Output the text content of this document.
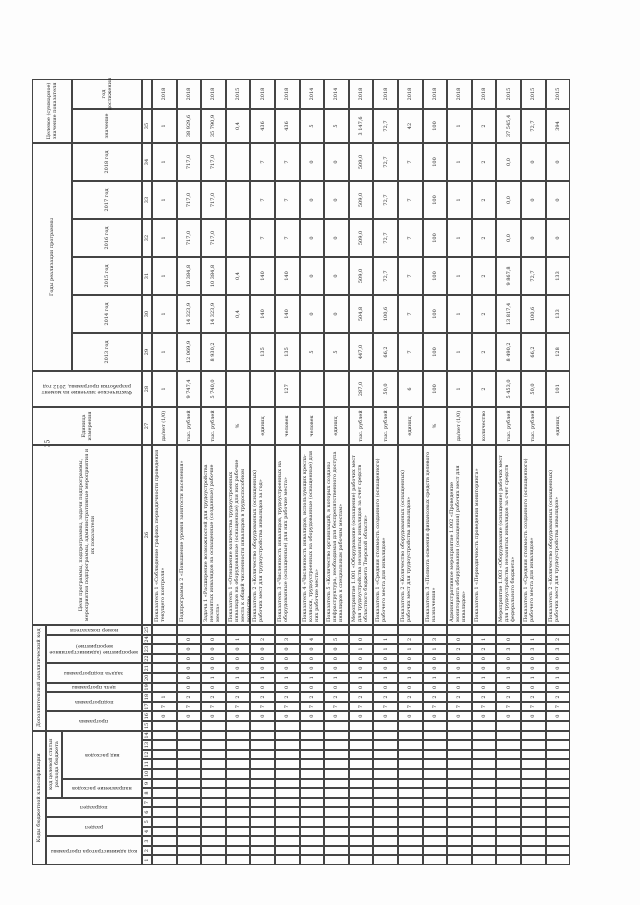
35
Коды бюджетной классификации
Дополнительный аналитический код
код администратора программы
раздел
подраздел
код целевой статьи расхода бюджета
направление расходов
вид расходов
программа
подпрограмма
цель программы
задача подпрограммы
мероприятие (административное мероприятие)
номер показателя
Цели программы, подпрограммы, задачи подпрограммы, мероприятия подпрограммы, административные мероприятия и их показатели
Единица измерения
Фактическое значение на момент разработки программы, 2012 год
Годы реализации программы
2013 год
2014 год
2015 год
2016 год
2017 год
2018 год
Целевое (суммарное) значение показателя	значение
год достижения
1
2
3
4
5
6
7
8
9
10
11
12
13
14
15
16
17
18
19
20
21
22
23
24
25
26
27
28
29
30
31
32
33
34
35
0
7
1
Показатель 1 «Соблюдение графика периодичности проведения текущего контроля»
да/нет (1/0)
1
1
1
1
1
1
1
1
2018
0
7
2
0
0
0
0
0
0
Подпрограмма 2 «Повышение уровня занятости населения»
тыс. рублей
9 747,4
12 069,9
14 323,9
10 384,8
717,0
717,0
717,0
38 929,6
2018
0
7
2
0
1
0
0
0
0
Задача 1 «Расширение возможностей для трудоустройства незанятых инвалидов на оснащенные (созданные) рабочие места»
тыс. рублей
5 740,0
8 930,2
14 323,9
10 384,8
717,0
717,0
717,0
35 790,9
2018
0
7
2
0
1
0
0
0
1
Показатель 1 «Отношение количества трудоустроенных инвалидов на оборудованные (оснащенные) для них рабочие места к общей численности инвалидов в трудоспособном возрасте»
%
0,4
0,4
0,4
2015
0
7
2
0
1
0
0
0
2
Показатель 2 «Количество оборудованных (оснащенных) рабочих мест для трудоустройства инвалидов за год»
единиц
135
140
140
7
7
7
436
2018
0
7
2
0
1
0
0
0
3
Показатель 3 «Численность инвалидов, трудоустроенных на оборудованные (оснащенные) для них рабочие места»
человек
127
135
140
140
7
7
7
436
2018
0
7
2
0
1
0
0
0
4
Показатель 4 «Численность инвалидов, использующих кресла-коляски, трудоустроенных на оборудованные (оснащенные) для них рабочие места»
человек
5
0
0
0
0
0
5
2014
0
7
2
0
1
0
0
0
5
Показатель 5 «Количество организаций, в которых созданы инфраструктура, необходимая для беспрепятственного доступа инвалидов к специальным рабочим местам»
единиц
5
0
0
0
0
0
5
2014
0
7
2
0
1
0
0
1
0
Мероприятие 1.001 «Оборудование (оснащение) рабочих мест для трудоустройства незанятых инвалидов за счет средств областного бюджета Тверской области»
тыс. рублей
287,0
447,0
504,8
509,0
509,0
509,0
509,0
3 147,6
2018
0
7
2
0
1
0
0
1
1
Показатель 1 «Средняя стоимость созданного (оснащенного) рабочего места для инвалидов»
тыс. рублей
50,0
66,2
100,6
72,7
72,7
72,7
72,7
72,7
2018
0
7
2
0
1
0
0
1
2
Показатель 2 «Количество оборудованных (оснащенных) рабочих мест для трудоустройства инвалидов»
единиц
6
7
7
7
7
7
7
42
2018
0
7
2
0
1
0
0
1
3
Показатель 3 «Полнота освоения финансовых средств целевого назначения»
%
100
100
100
100
100
100
100
100
2018
0
7
2
0
1
0
0
2
0
Административное мероприятие 1.002 «Проведение мониторинга оборудования (оснащения) рабочих мест для инвалидов»
да/нет (1/0)
1
1
1
1
1
1
1
1
2018
0
7
2
0
1
0
0
2
1
Показатель 1 «Периодичность проведения мониторинга»
количество
2
2
2
2
2
2
2
2
2018
0
7
2
0
1
0
0
3
0
Мероприятие 1.003 «Оборудование (оснащение) рабочих мест для трудоустройства незанятых инвалидов за счет средств федерального бюджета»
тыс. рублей
5 453,0
8 490,2
13 817,4
9 867,8
0,0
0,0
0,0
37 545,4
2015
0
7
2
0
1
0
0
3
1
Показатель 1 «Средняя стоимость созданного (оснащенного) рабочего места для инвалидов»
тыс. рублей
50,0
66,2
100,6
72,7
0
0
0
72,7
2015
0
7
2
0
1
0
0
3
2
Показатель 2 «Количество оборудованных (оснащенных) рабочих мест для трудоустройства инвалидов»
единиц
101
128
133
133
0
0
0
394
2015
